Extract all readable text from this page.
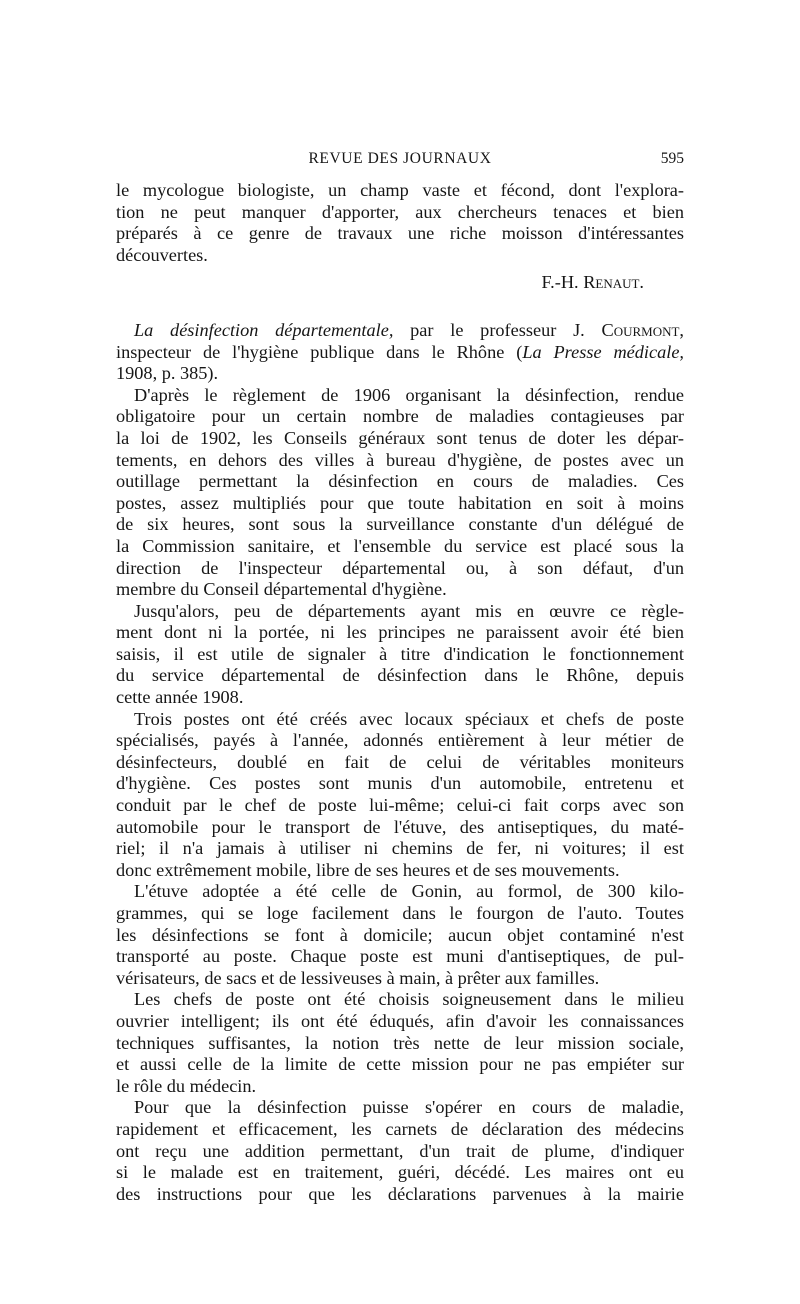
REVUE DES JOURNAUX	595
le mycologue biologiste, un champ vaste et fécond, dont l'explora-
tion ne peut manquer d'apporter, aux chercheurs tenaces et bien
préparés à ce genre de travaux une riche moisson d'intéressantes
découvertes.
F.-H. Renaut.
La désinfection départementale, par le professeur J. Courmont,
inspecteur de l'hygiène publique dans le Rhône (La Presse médicale,
1908, p. 385).
D'après le règlement de 1906 organisant la désinfection, rendue
obligatoire pour un certain nombre de maladies contagieuses par
la loi de 1902, les Conseils généraux sont tenus de doter les dépar-
tements, en dehors des villes à bureau d'hygiène, de postes avec un
outillage permettant la désinfection en cours de maladies. Ces
postes, assez multipliés pour que toute habitation en soit à moins
de six heures, sont sous la surveillance constante d'un délégué de
la Commission sanitaire, et l'ensemble du service est placé sous la
direction de l'inspecteur départemental ou, à son défaut, d'un
membre du Conseil départemental d'hygiène.
Jusqu'alors, peu de départements ayant mis en œuvre ce règle-
ment dont ni la portée, ni les principes ne paraissent avoir été bien
saisis, il est utile de signaler à titre d'indication le fonctionnement
du service départemental de désinfection dans le Rhône, depuis
cette année 1908.
Trois postes ont été créés avec locaux spéciaux et chefs de poste
spécialisés, payés à l'année, adonnés entièrement à leur métier de
désinfecteurs, doublé en fait de celui de véritables moniteurs
d'hygiène. Ces postes sont munis d'un automobile, entretenu et
conduit par le chef de poste lui-même; celui-ci fait corps avec son
automobile pour le transport de l'étuve, des antiseptiques, du maté-
riel; il n'a jamais à utiliser ni chemins de fer, ni voitures; il est
donc extrêmement mobile, libre de ses heures et de ses mouvements.
L'étuve adoptée a été celle de Gonin, au formol, de 300 kilo-
grammes, qui se loge facilement dans le fourgon de l'auto. Toutes
les désinfections se font à domicile; aucun objet contaminé n'est
transporté au poste. Chaque poste est muni d'antiseptiques, de pul-
vérisateurs, de sacs et de lessiveuses à main, à prêter aux familles.
Les chefs de poste ont été choisis soigneusement dans le milieu
ouvrier intelligent; ils ont été éduqués, afin d'avoir les connaissances
techniques suffisantes, la notion très nette de leur mission sociale,
et aussi celle de la limite de cette mission pour ne pas empiéter sur
le rôle du médecin.
Pour que la désinfection puisse s'opérer en cours de maladie,
rapidement et efficacement, les carnets de déclaration des médecins
ont reçu une addition permettant, d'un trait de plume, d'indiquer
si le malade est en traitement, guéri, décédé. Les maires ont eu
des instructions pour que les déclarations parvenues à la mairie
